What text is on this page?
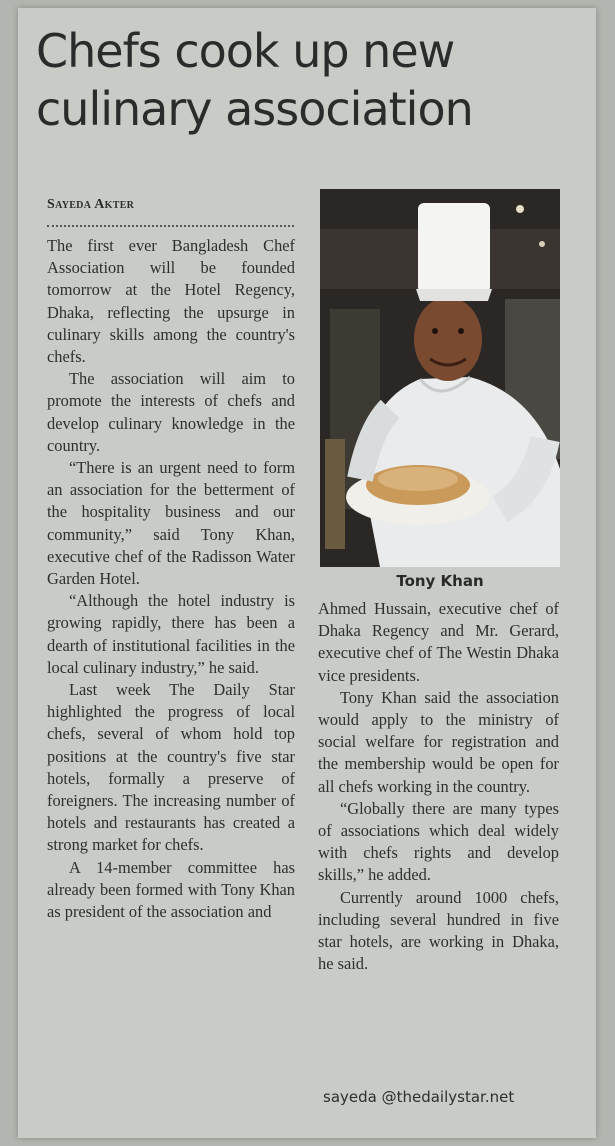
Chefs cook up new
culinary association
Sayeda Akter

The first ever Bangladesh Chef Association will be founded tomorrow at the Hotel Regency, Dhaka, reflecting the upsurge in culinary skills among the country's chefs.

The association will aim to promote the interests of chefs and develop culinary knowledge in the country.

“There is an urgent need to form an association for the betterment of the hospitality business and our community,” said Tony Khan, executive chef of the Radisson Water Garden Hotel.

“Although the hotel industry is growing rapidly, there has been a dearth of institutional facilities in the local culinary industry,” he said.

Last week The Daily Star highlighted the progress of local chefs, several of whom hold top positions at the country's five star hotels, formally a preserve of foreigners. The increasing number of hotels and restaurants has created a strong market for chefs.

A 14-member committee has already been formed with Tony Khan as president of the association and

Tony Khan

Ahmed Hussain, executive chef of Dhaka Regency and Mr. Gerard, executive chef of The Westin Dhaka vice presidents.

Tony Khan said the association would apply to the ministry of social welfare for registration and the membership would be open for all chefs working in the country.

“Globally there are many types of associations which deal widely with chefs rights and develop skills,” he added.

Currently around 1000 chefs, including several hundred in five star hotels, are working in Dhaka, he said.

sayeda @thedailystar.net
